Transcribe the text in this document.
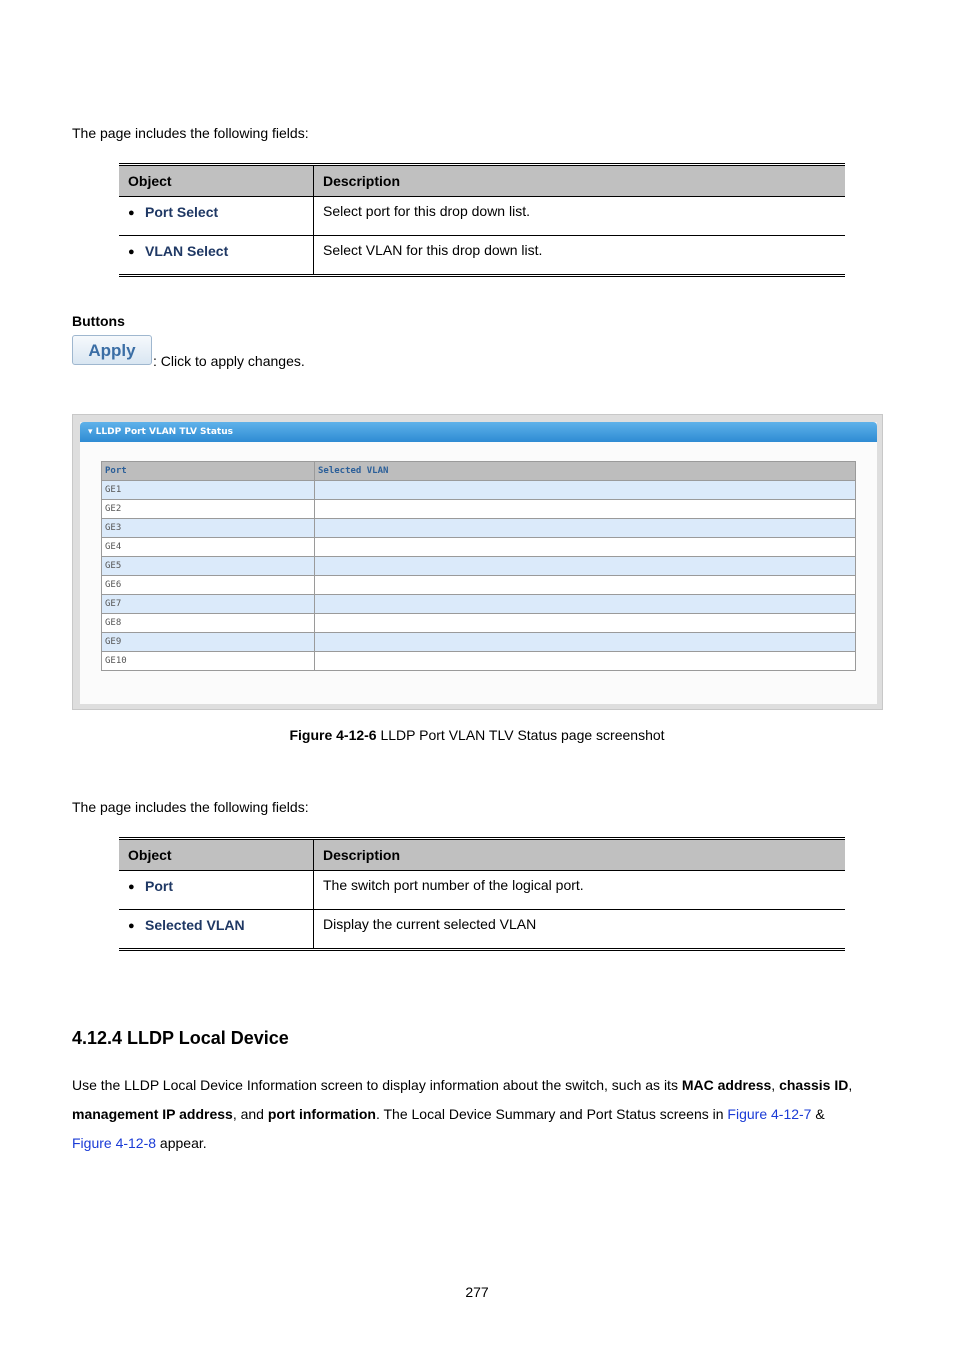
The page includes the following fields:
Object	Description
● Port Select	Select port for this drop down list.
● VLAN Select	Select VLAN for this drop down list.
Buttons
Apply
: Click to apply changes.
▾ LLDP Port VLAN TLV Status
Port	Selected VLAN
GE1	
GE2	
GE3	
GE4	
GE5	
GE6	
GE7	
GE8	
GE9	
GE10	
Figure 4-12-6 LLDP Port VLAN TLV Status page screenshot
The page includes the following fields:
Object	Description
● Port	The switch port number of the logical port.
● Selected VLAN	Display the current selected VLAN
4.12.4 LLDP Local Device
Use the LLDP Local Device Information screen to display information about the switch, such as its MAC address, chassis ID,
management IP address, and port information. The Local Device Summary and Port Status screens in Figure 4-12-7 &
Figure 4-12-8 appear.
277
